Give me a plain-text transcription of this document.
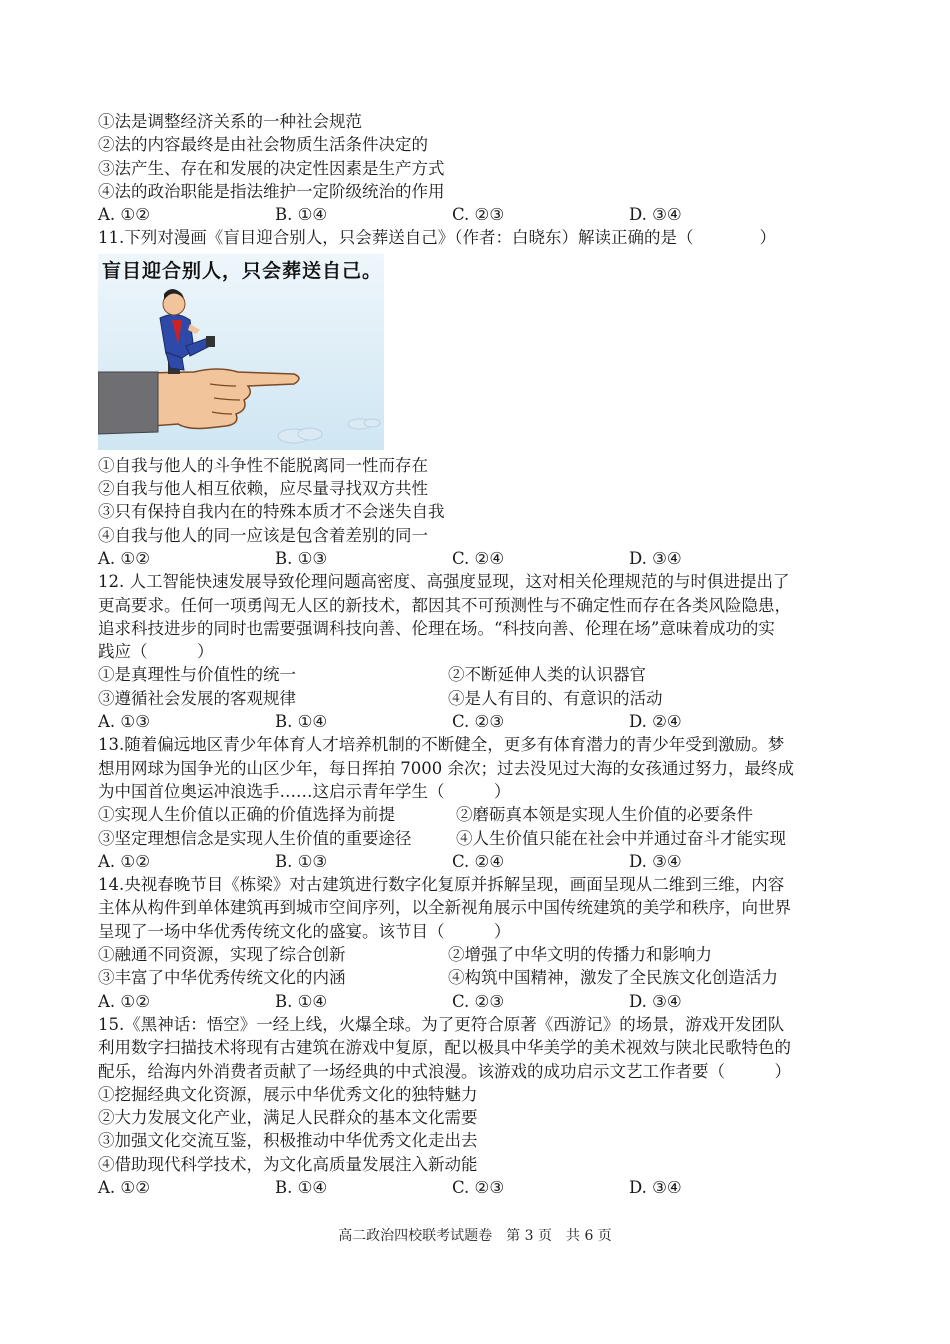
①法是调整经济关系的一种社会规范
②法的内容最终是由社会物质生活条件决定的
③法产生、存在和发展的决定性因素是生产方式
④法的政治职能是指法维护一定阶级统治的作用
A. ①②	B. ①④	C. ②③	D. ③④
11.下列对漫画《盲目迎合别人，只会葬送自己》（作者：白晓东）解读正确的是（　　　　）
盲目迎合别人，只会葬送自己。
①自我与他人的斗争性不能脱离同一性而存在
②自我与他人相互依赖，应尽量寻找双方共性
③只有保持自我内在的特殊本质才不会迷失自我
④自我与他人的同一应该是包含着差别的同一
A. ①②	B. ①③	C. ②④	D. ③④
12. 人工智能快速发展导致伦理问题高密度、高强度显现，这对相关伦理规范的与时俱进提出了
更高要求。任何一项勇闯无人区的新技术，都因其不可预测性与不确定性而存在各类风险隐患，
追求科技进步的同时也需要强调科技向善、伦理在场。“科技向善、伦理在场”意味着成功的实
践应（　　　）
①是真理性与价值性的统一	②不断延伸人类的认识器官
③遵循社会发展的客观规律	④是人有目的、有意识的活动
A. ①③	B. ①④	C. ②③	D. ②④
13.随着偏远地区青少年体育人才培养机制的不断健全，更多有体育潜力的青少年受到激励。梦
想用网球为国争光的山区少年，每日挥拍 7000 余次；过去没见过大海的女孩通过努力，最终成
为中国首位奥运冲浪选手……这启示青年学生（　　　）
①实现人生价值以正确的价值选择为前提	②磨砺真本领是实现人生价值的必要条件
③坚定理想信念是实现人生价值的重要途径	④人生价值只能在社会中并通过奋斗才能实现
A. ①②	B. ①③	C. ②④	D. ③④
14.央视春晚节目《栋梁》对古建筑进行数字化复原并拆解呈现，画面呈现从二维到三维，内容
主体从构件到单体建筑再到城市空间序列，以全新视角展示中国传统建筑的美学和秩序，向世界
呈现了一场中华优秀传统文化的盛宴。该节目（　　　）
①融通不同资源，实现了综合创新	②增强了中华文明的传播力和影响力
③丰富了中华优秀传统文化的内涵	④构筑中国精神，激发了全民族文化创造活力
A. ①②	B. ①④	C. ②③	D. ③④
15.《黑神话：悟空》一经上线，火爆全球。为了更符合原著《西游记》的场景，游戏开发团队
利用数字扫描技术将现有古建筑在游戏中复原，配以极具中华美学的美术视效与陕北民歌特色的
配乐，给海内外消费者贡献了一场经典的中式浪漫。该游戏的成功启示文艺工作者要（　　　）
①挖掘经典文化资源，展示中华优秀文化的独特魅力
②大力发展文化产业，满足人民群众的基本文化需要
③加强文化交流互鉴，积极推动中华优秀文化走出去
④借助现代科学技术，为文化高质量发展注入新动能
A. ①②	B. ①④	C. ②③	D. ③④
高二政治四校联考试题卷　第 3 页　共 6 页
